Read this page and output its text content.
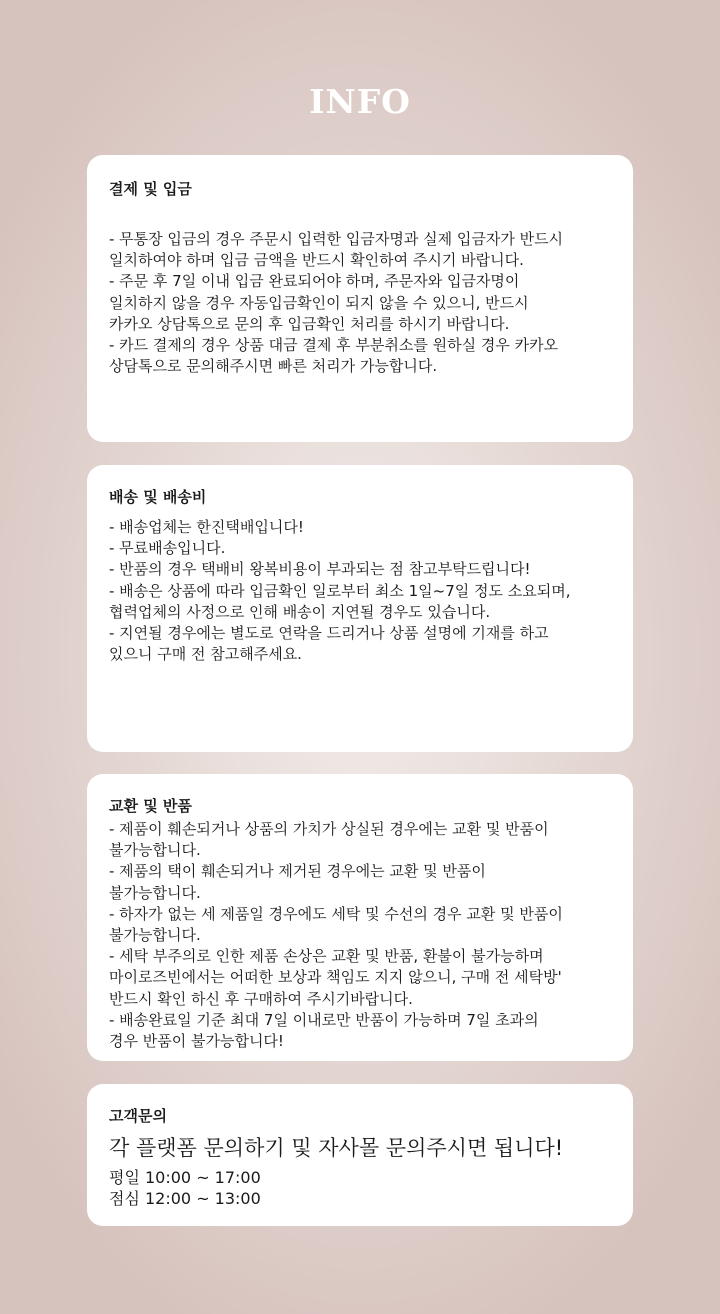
INFO
결제 및 입금
- 무통장 입금의 경우 주문시 입력한 입금자명과 실제 입금자가 반드시
일치하여야 하며 입금 금액을 반드시 확인하여 주시기 바랍니다.
- 주문 후 7일 이내 입금 완료되어야 하며, 주문자와 입금자명이
일치하지 않을 경우 자동입금확인이 되지 않을 수 있으니, 반드시
카카오 상담톡으로 문의 후 입금확인 처리를 하시기 바랍니다.
- 카드 결제의 경우 상품 대금 결제 후 부분취소를 원하실 경우 카카오
상담톡으로 문의해주시면 빠른 처리가 가능합니다.
배송 및 배송비
- 배송업체는 한진택배입니다!
- 무료배송입니다.
- 반품의 경우 택배비 왕복비용이 부과되는 점 참고부탁드립니다!
- 배송은 상품에 따라 입금확인 일로부터 최소 1일~7일 정도 소요되며,
협력업체의 사정으로 인해 배송이 지연될 경우도 있습니다.
- 지연될 경우에는 별도로 연락을 드리거나 상품 설명에 기재를 하고
있으니 구매 전 참고해주세요.
교환 및 반품
- 제품이 훼손되거나 상품의 가치가 상실된 경우에는 교환 및 반품이
불가능합니다.
- 제품의 택이 훼손되거나 제거된 경우에는 교환 및 반품이
불가능합니다.
- 하자가 없는 세 제품일 경우에도 세탁 및 수선의 경우 교환 및 반품이
불가능합니다.
- 세탁 부주의로 인한 제품 손상은 교환 및 반품, 환불이 불가능하며
마이로즈빈에서는 어떠한 보상과 책임도 지지 않으니, 구매 전 세탁방'
반드시 확인 하신 후 구매하여 주시기바랍니다.
- 배송완료일 기준 최대 7일 이내로만 반품이 가능하며 7일 초과의
경우 반품이 불가능합니다!
고객문의
각 플랫폼 문의하기 및 자사몰 문의주시면 됩니다!
평일 10:00 ~ 17:00
점심 12:00 ~ 13:00
